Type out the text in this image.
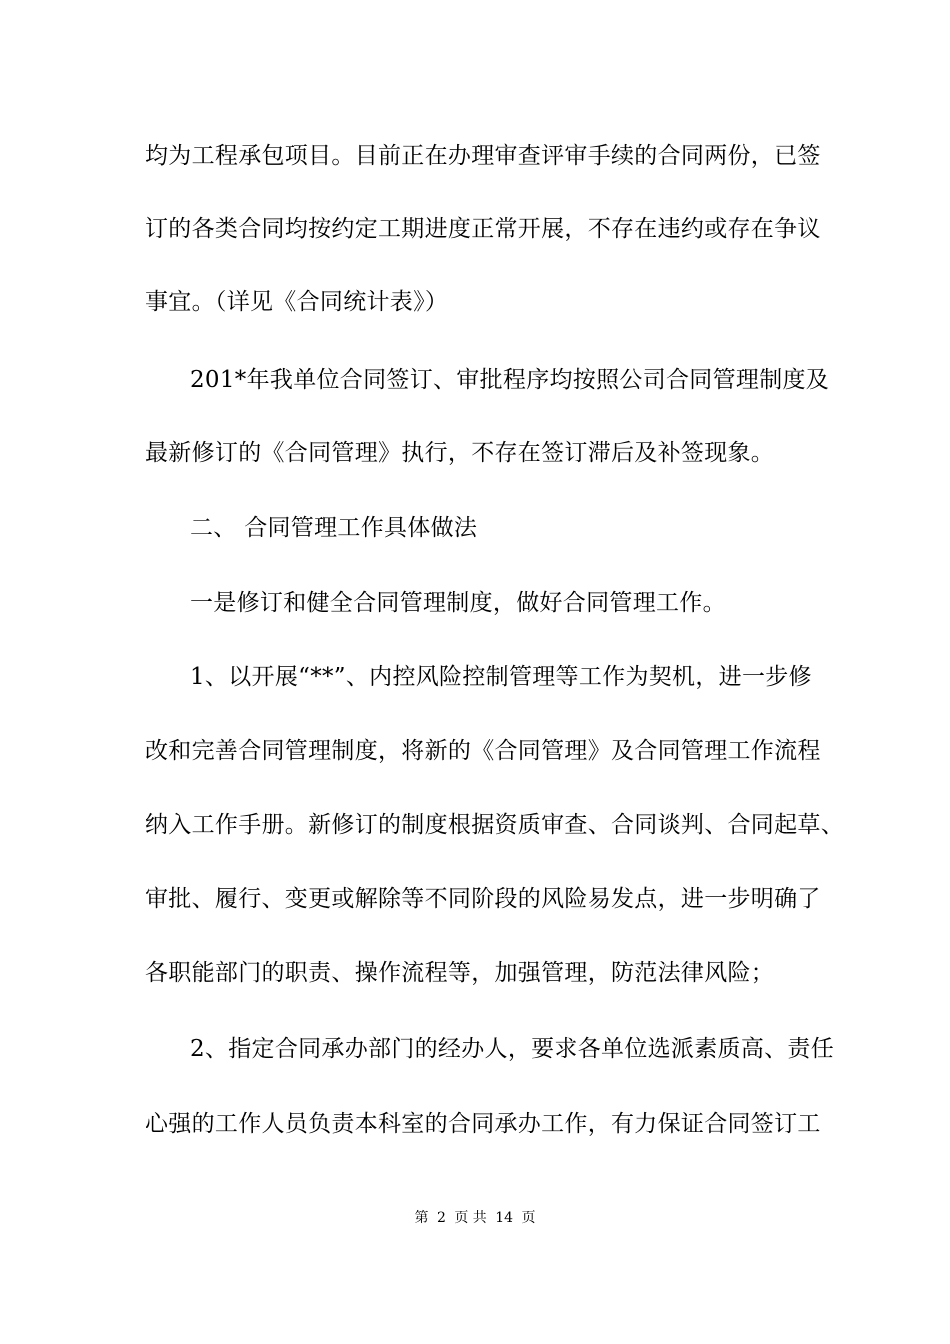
均为工程承包项目。目前正在办理审查评审手续的合同两份，已签
订的各类合同均按约定工期进度正常开展，不存在违约或存在争议
事宜。（详见《合同统计表》）
201*年我单位合同签订、审批程序均按照公司合同管理制度及
最新修订的《合同管理》执行，不存在签订滞后及补签现象。
二、 合同管理工作具体做法
一是修订和健全合同管理制度，做好合同管理工作。
1、以开展“**”、内控风险控制管理等工作为契机，进一步修
改和完善合同管理制度，将新的《合同管理》及合同管理工作流程
纳入工作手册。新修订的制度根据资质审查、合同谈判、合同起草、
审批、履行、变更或解除等不同阶段的风险易发点，进一步明确了
各职能部门的职责、操作流程等，加强管理，防范法律风险；
2、指定合同承办部门的经办人，要求各单位选派素质高、责任
心强的工作人员负责本科室的合同承办工作，有力保证合同签订工
第 2 页 共 14 页
